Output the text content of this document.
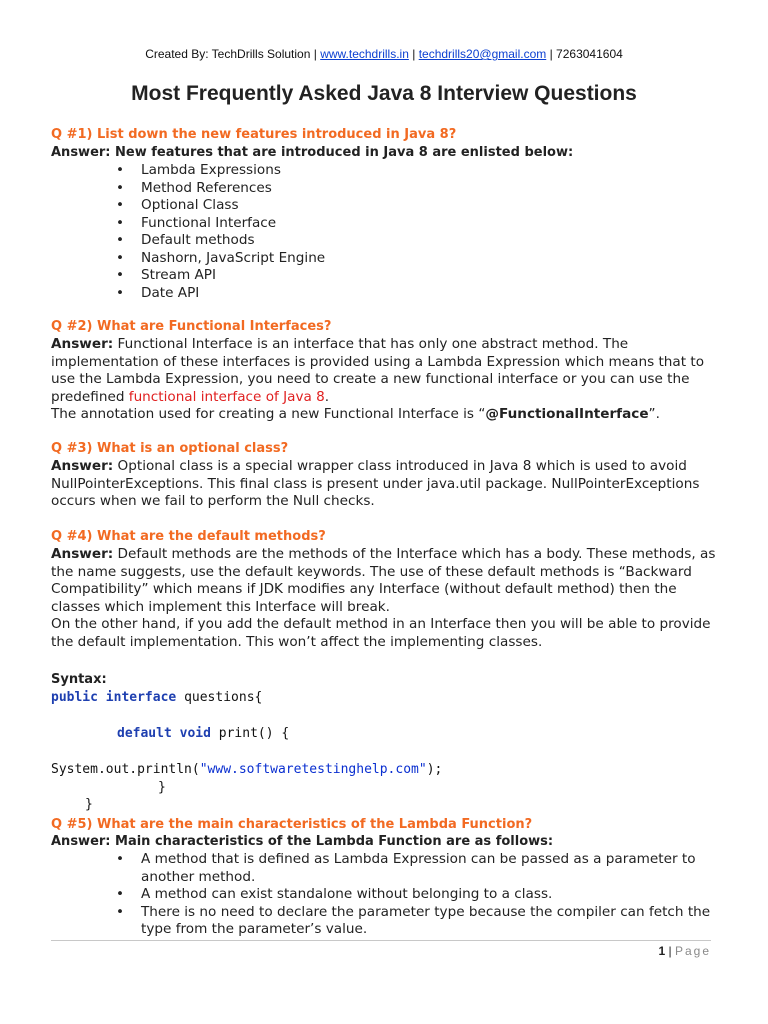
Created By: TechDrills Solution | www.techdrills.in | techdrills20@gmail.com | 7263041604
Most Frequently Asked Java 8 Interview Questions
Q #1) List down the new features introduced in Java 8?
Answer: New features that are introduced in Java 8 are enlisted below:
• Lambda Expressions
• Method References
• Optional Class
• Functional Interface
• Default methods
• Nashorn, JavaScript Engine
• Stream API
• Date API
Q #2) What are Functional Interfaces?
Answer: Functional Interface is an interface that has only one abstract method. The implementation of these interfaces is provided using a Lambda Expression which means that to use the Lambda Expression, you need to create a new functional interface or you can use the predefined functional interface of Java 8.
The annotation used for creating a new Functional Interface is “@FunctionalInterface”.
Q #3) What is an optional class?
Answer: Optional class is a special wrapper class introduced in Java 8 which is used to avoid NullPointerExceptions. This final class is present under java.util package. NullPointerExceptions occurs when we fail to perform the Null checks.
Q #4) What are the default methods?
Answer: Default methods are the methods of the Interface which has a body. These methods, as the name suggests, use the default keywords. The use of these default methods is “Backward Compatibility” which means if JDK modifies any Interface (without default method) then the classes which implement this Interface will break.
On the other hand, if you add the default method in an Interface then you will be able to provide the default implementation. This won’t affect the implementing classes.
Syntax:
public interface questions{
default void print() {
System.out.println("www.softwaretestinghelp.com");
}
}
Q #5) What are the main characteristics of the Lambda Function?
Answer: Main characteristics of the Lambda Function are as follows:
• A method that is defined as Lambda Expression can be passed as a parameter to another method.
• A method can exist standalone without belonging to a class.
• There is no need to declare the parameter type because the compiler can fetch the type from the parameter’s value.
1 | Page
